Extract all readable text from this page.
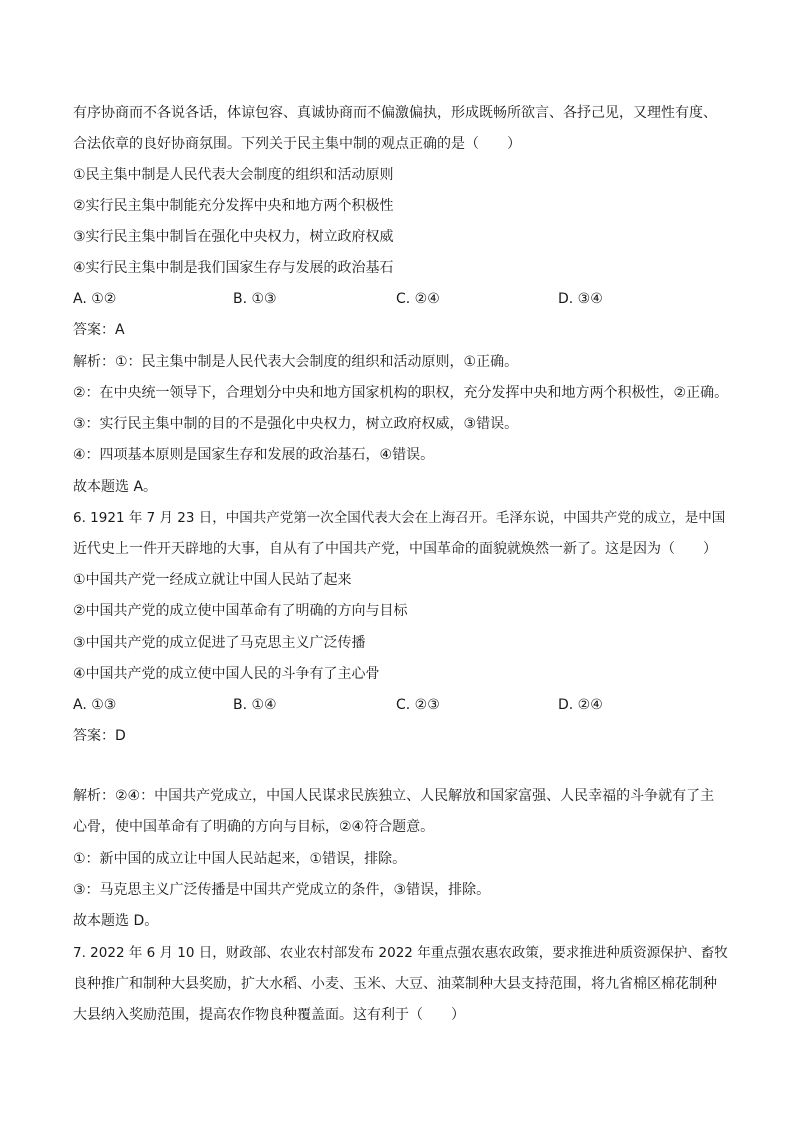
有序协商而不各说各话，体谅包容、真诚协商而不偏激偏执，形成既畅所欲言、各抒己见，又理性有度、

合法依章的良好协商氛围。下列关于民主集中制的观点正确的是（　　）

①民主集中制是人民代表大会制度的组织和活动原则

②实行民主集中制能充分发挥中央和地方两个积极性

③实行民主集中制旨在强化中央权力，树立政府权威

④实行民主集中制是我们国家生存与发展的政治基石

A. ①②	B. ①③	C. ②④	D. ③④

答案：A

解析：①：民主集中制是人民代表大会制度的组织和活动原则，①正确。

②：在中央统一领导下，合理划分中央和地方国家机构的职权，充分发挥中央和地方两个积极性，②正确。

③：实行民主集中制的目的不是强化中央权力，树立政府权威，③错误。

④：四项基本原则是国家生存和发展的政治基石，④错误。

故本题选 A。

6. 1921 年 7 月 23 日，中国共产党第一次全国代表大会在上海召开。毛泽东说，中国共产党的成立，是中国

近代史上一件开天辟地的大事，自从有了中国共产党，中国革命的面貌就焕然一新了。这是因为（　　）

①中国共产党一经成立就让中国人民站了起来

②中国共产党的成立使中国革命有了明确的方向与目标

③中国共产党的成立促进了马克思主义广泛传播

④中国共产党的成立使中国人民的斗争有了主心骨

A. ①③	B. ①④	C. ②③	D. ②④

答案：D

解析：②④：中国共产党成立，中国人民谋求民族独立、人民解放和国家富强、人民幸福的斗争就有了主

心骨，使中国革命有了明确的方向与目标，②④符合题意。

①：新中国的成立让中国人民站起来，①错误，排除。

③：马克思主义广泛传播是中国共产党成立的条件，③错误，排除。

故本题选 D。

7. 2022 年 6 月 10 日，财政部、农业农村部发布 2022 年重点强农惠农政策，要求推进种质资源保护、畜牧

良种推广和制种大县奖励，扩大水稻、小麦、玉米、大豆、油菜制种大县支持范围，将九省棉区棉花制种

大县纳入奖励范围，提高农作物良种覆盖面。这有利于（　　）
